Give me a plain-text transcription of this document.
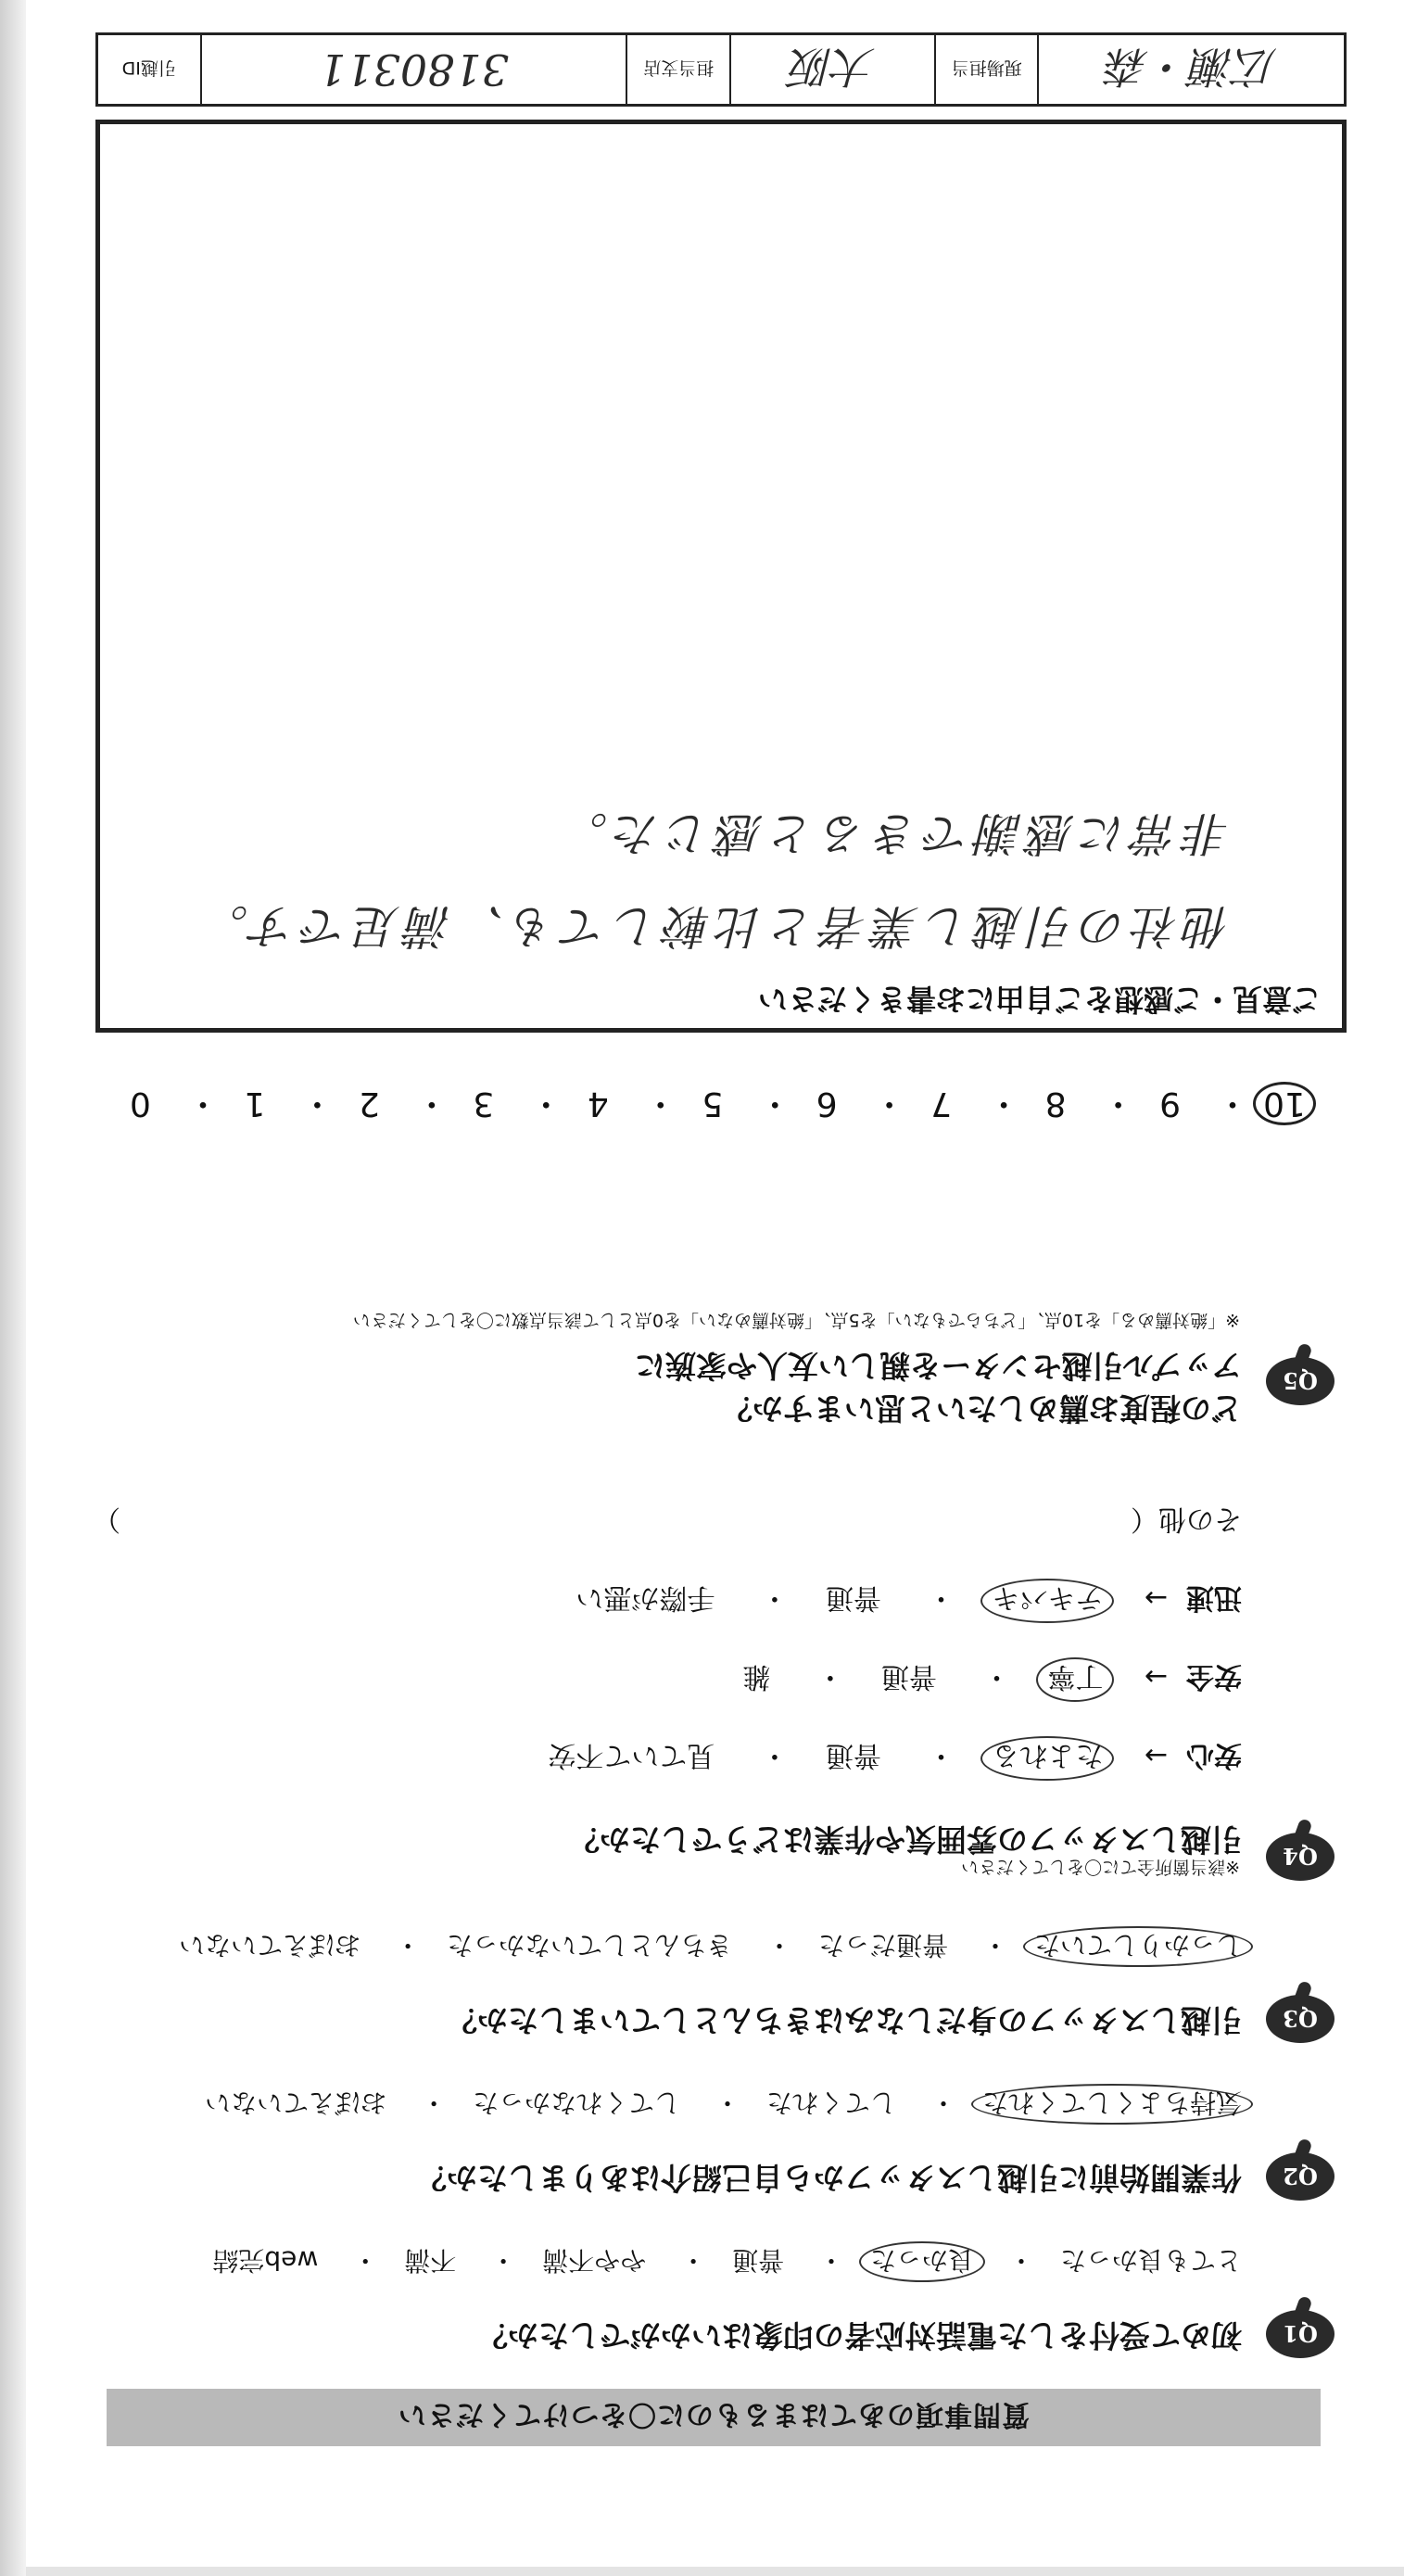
質問事項のあてはまるものに〇をつけてください
Q1
初めて受付をした電話対応者の印象はいかがでしたか？
とても良かった・ 良かった・ 普通・ やや不満・ 不満・ web完結
Q2
作業開始前に引越しスタッフから自己紹介はありましたか？
気持ちよくしてくれた・ してくれた・ してくれなかった・ おぼえていない
Q3
引越しスタッフの身だしなみはきちんとしていましたか？
しっかりしていた・ 普通だった・ きちんとしていなかった・ おぼえていない
Q4
引越しスタッフの雰囲気や作業はどうでしたか？
※該当箇所全てに〇をしてください
安心→ たよれる・ 普通・ 見ていて不安
安全→ 丁寧・ 普通・ 雑
迅速→ テキパキ・ 普通・ 手際が悪い
その他（
）
Q5
※「絶対薦める」を10点、「どちらでもない」を5点、「絶対薦めない」を0点として該当点数に〇をしてください
どの程度お薦めしたいと思いますか？
アップル引越センターを親しい友人や家族に
10・ 9・ 8・ 7・ 6・ 5・ 4・ 3・ 2・ 1・ 0
ご意見・ご感想をご自由にお書きください
非常に感謝できると感じた。
他社の引越し業者と比較しても、満足です。
広瀬・森
現場担当
大阪
担当支店
3180311
引越ID
